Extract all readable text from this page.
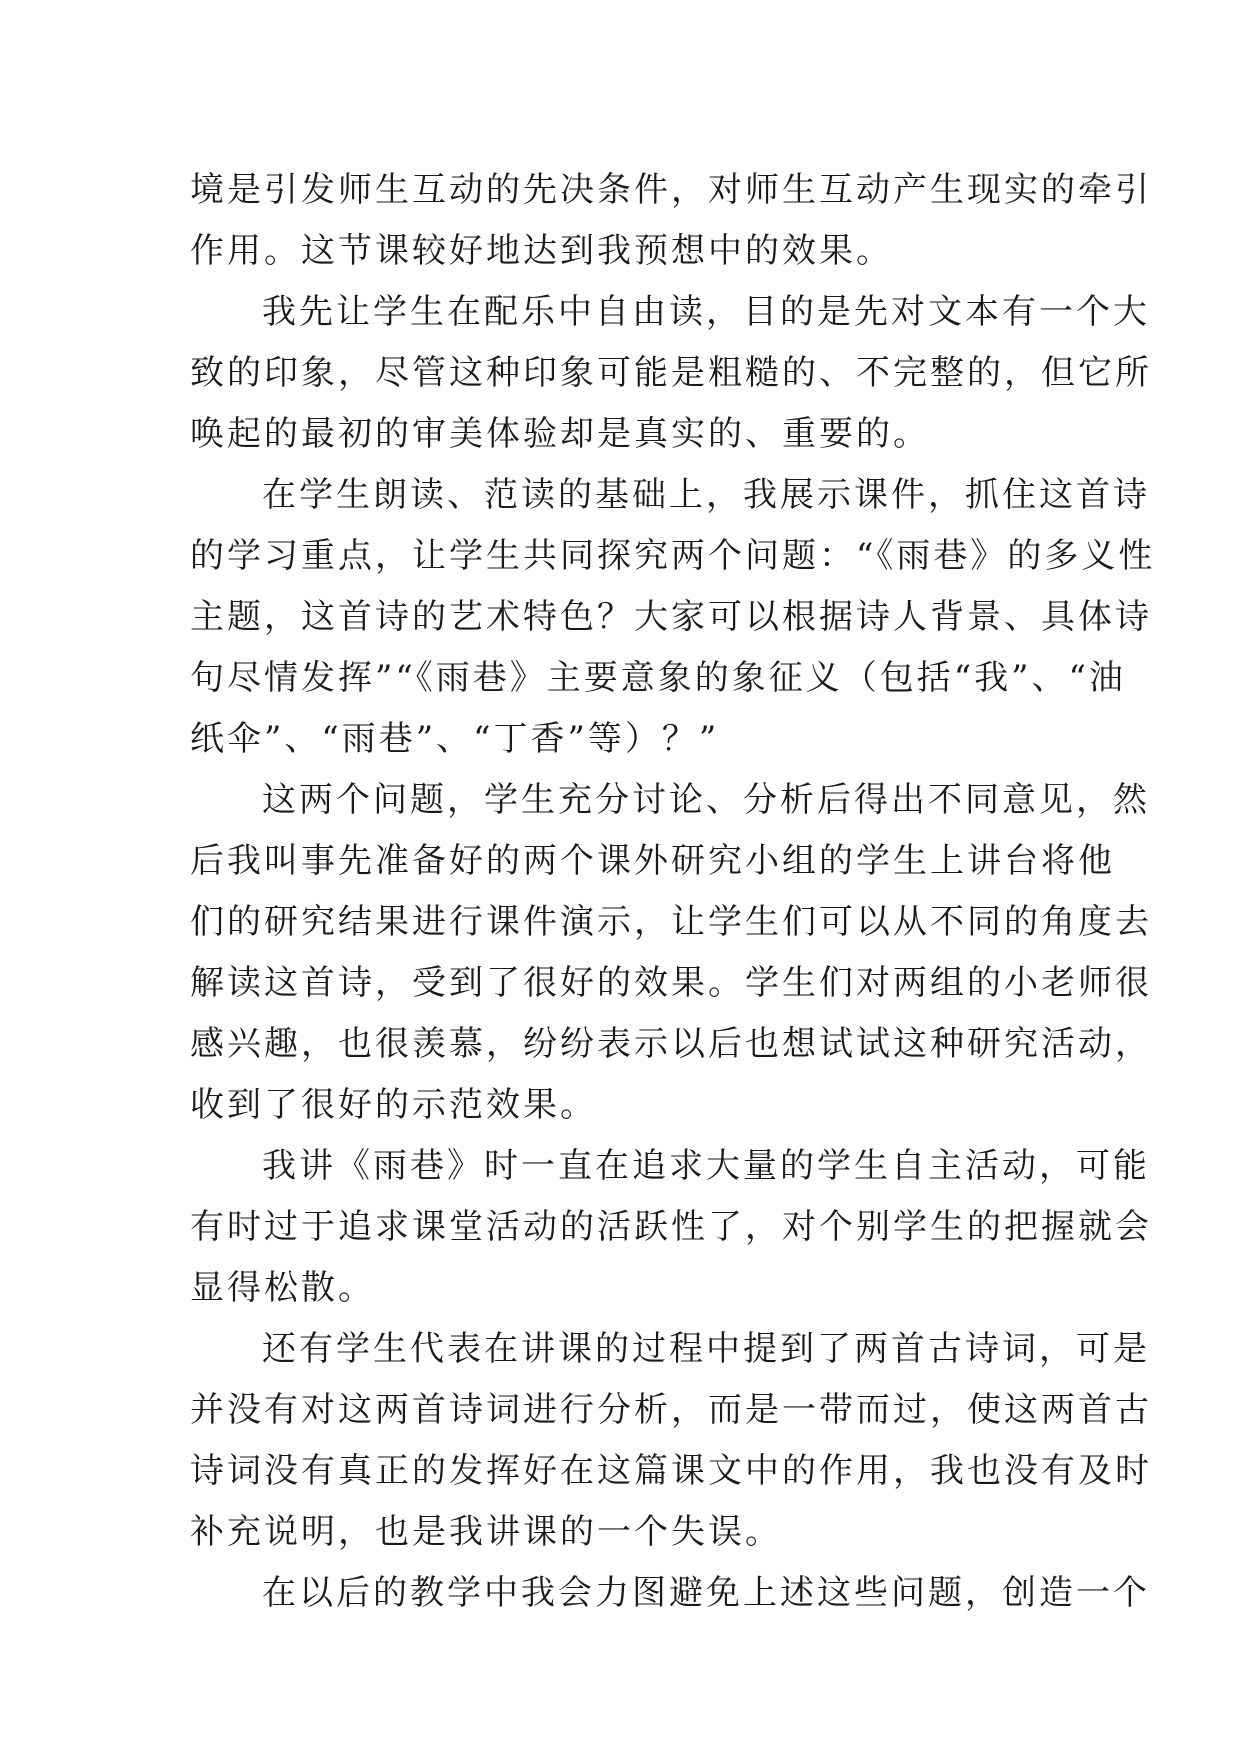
境是引发师生互动的先决条件，对师生互动产生现实的牵引
作用。这节课较好地达到我预想中的效果。
我先让学生在配乐中自由读，目的是先对文本有一个大
致的印象，尽管这种印象可能是粗糙的、不完整的，但它所
唤起的最初的审美体验却是真实的、重要的。
在学生朗读、范读的基础上，我展示课件，抓住这首诗
的学习重点，让学生共同探究两个问题：“《雨巷》的多义性
主题，这首诗的艺术特色？大家可以根据诗人背景、具体诗
句尽情发挥”“《雨巷》主要意象的象征义（包括“我”、“油
纸伞”、“雨巷”、“丁香”等）？”
这两个问题，学生充分讨论、分析后得出不同意见，然
后我叫事先准备好的两个课外研究小组的学生上讲台将他
们的研究结果进行课件演示，让学生们可以从不同的角度去
解读这首诗，受到了很好的效果。学生们对两组的小老师很
感兴趣，也很羡慕，纷纷表示以后也想试试这种研究活动，
收到了很好的示范效果。
我讲《雨巷》时一直在追求大量的学生自主活动，可能
有时过于追求课堂活动的活跃性了，对个别学生的把握就会
显得松散。
还有学生代表在讲课的过程中提到了两首古诗词，可是
并没有对这两首诗词进行分析，而是一带而过，使这两首古
诗词没有真正的发挥好在这篇课文中的作用，我也没有及时
补充说明，也是我讲课的一个失误。
在以后的教学中我会力图避免上述这些问题，创造一个
